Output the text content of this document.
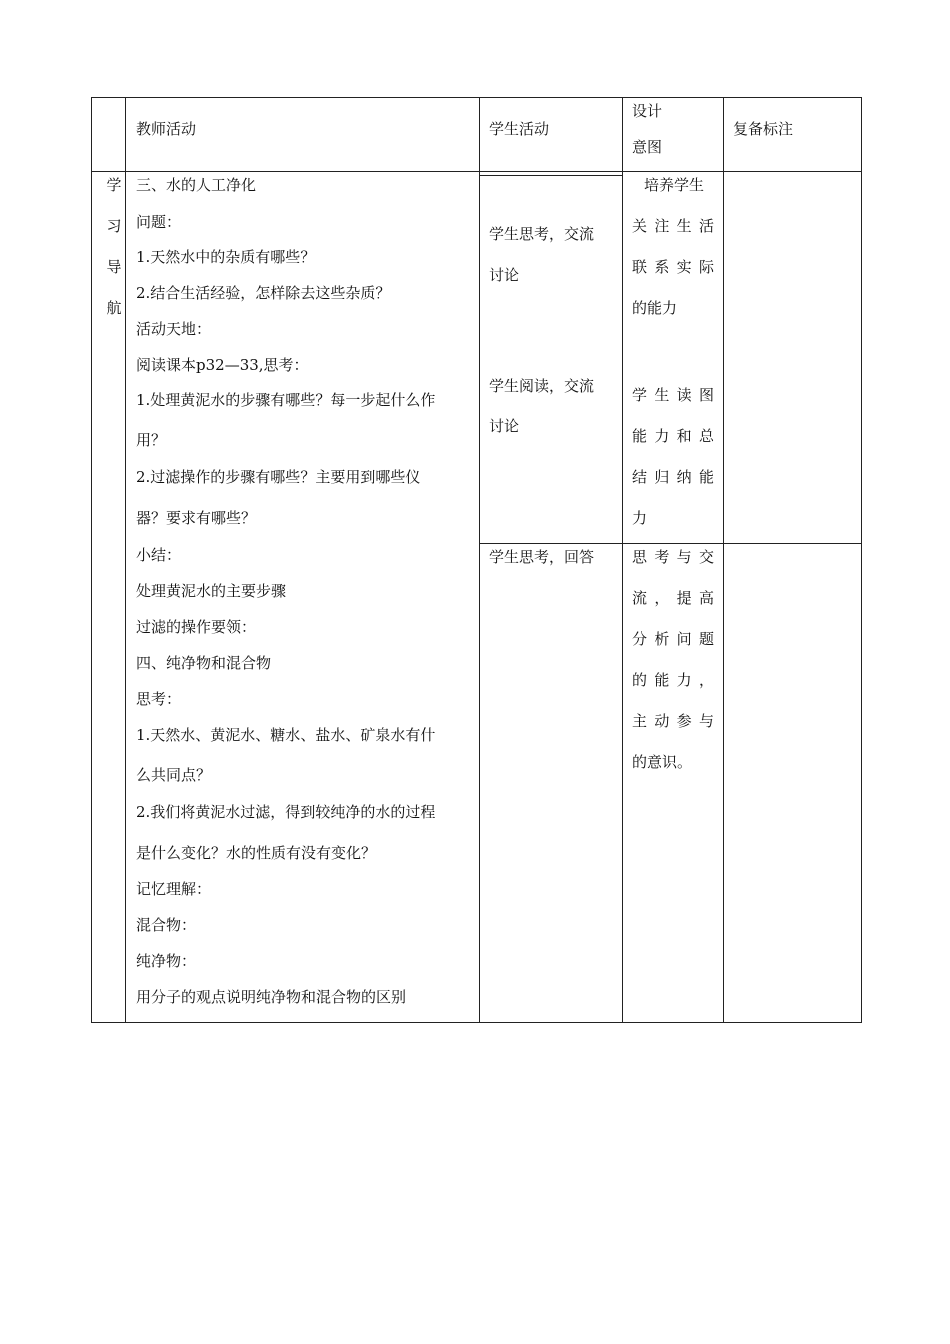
教师活动	学生活动
设计
意图
复备标注
学
习
导
航
三、水的人工净化
问题：
1.天然水中的杂质有哪些？
2.结合生活经验，怎样除去这些杂质？
活动天地：
阅读课本p32—33,思考：
1.处理黄泥水的步骤有哪些？每一步起什么作
用？
2.过滤操作的步骤有哪些？主要用到哪些仪
器？要求有哪些？
小结：
处理黄泥水的主要步骤
过滤的操作要领：
四、纯净物和混合物
思考：
1.天然水、黄泥水、糖水、盐水、矿泉水有什
么共同点？
2.我们将黄泥水过滤，得到较纯净的水的过程
是什么变化？水的性质有没有变化？
记忆理解：
混合物：
纯净物：
用分子的观点说明纯净物和混合物的区别
学生思考，交流
讨论
学生阅读，交流
讨论
学生思考，回答
培养学生
关 注 生 活
联 系 实 际
的能力
学 生 读 图
能 力 和 总
结 归 纳 能
力
思 考 与 交
流 ， 提 高
分 析 问 题
的 能 力 ，
主 动 参 与
的意识。
